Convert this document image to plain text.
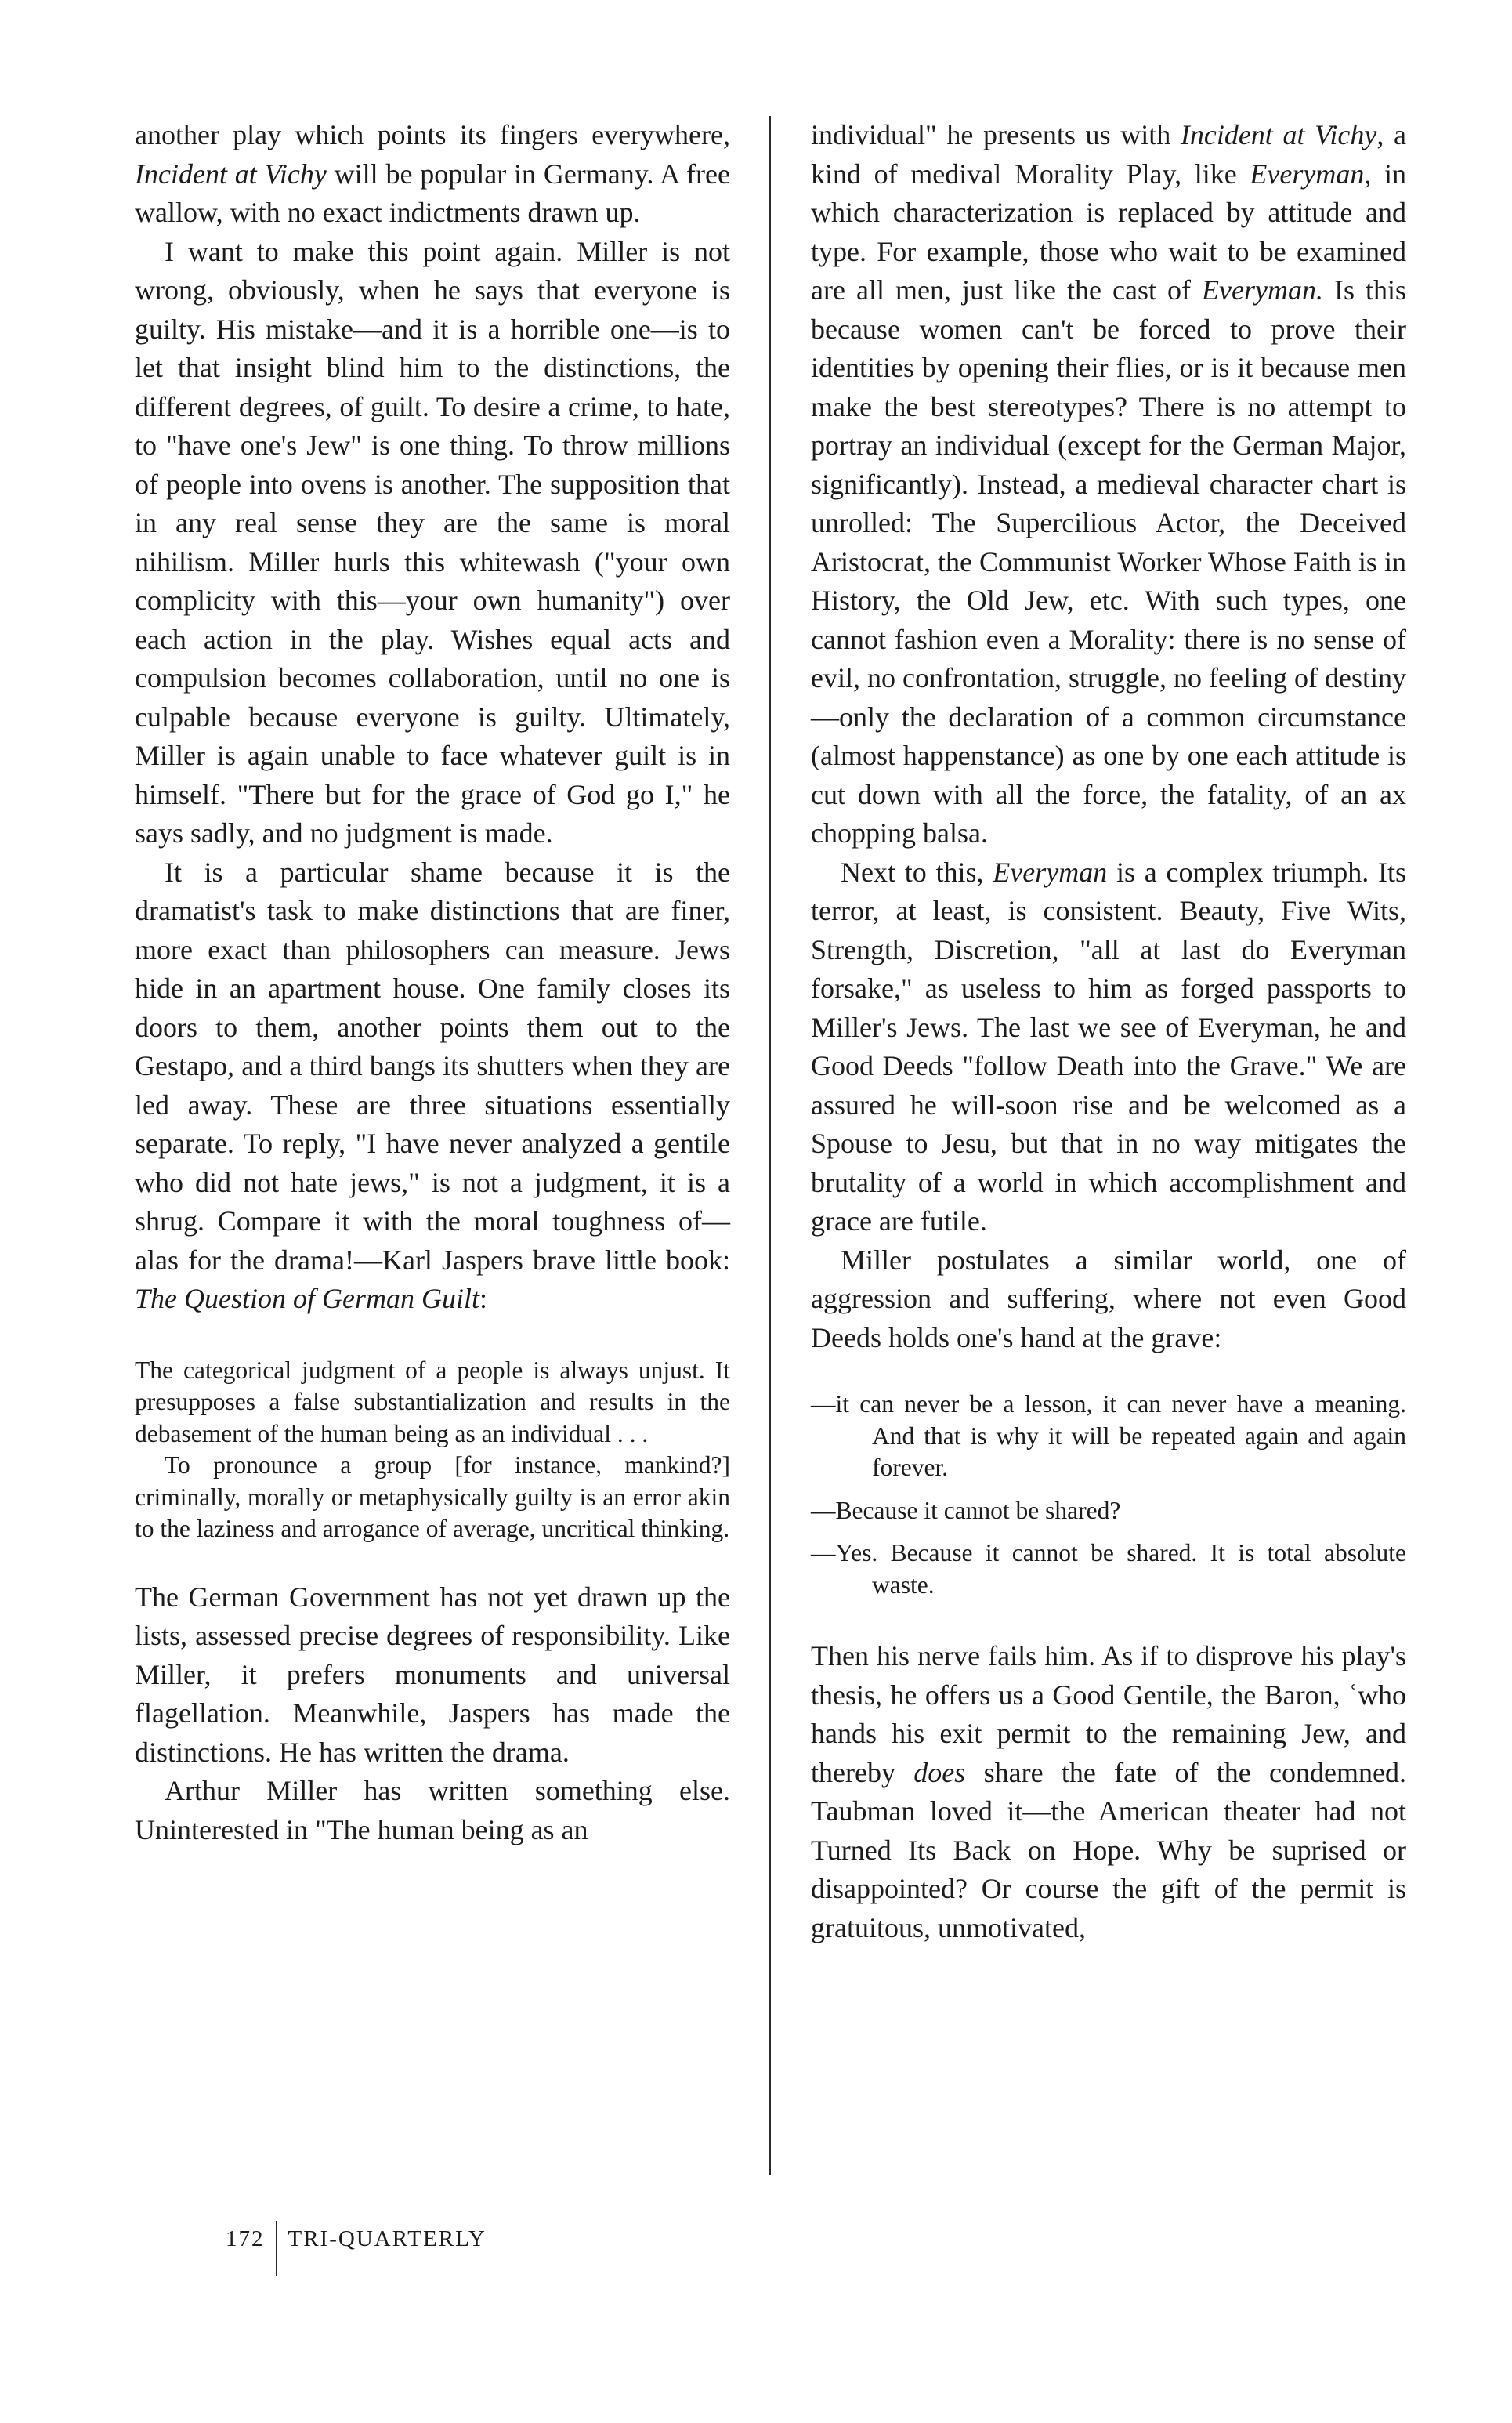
another play which points its fingers everywhere, Incident at Vichy will be popular in Germany. A free wallow, with no exact indictments drawn up.

I want to make this point again. Miller is not wrong, obviously, when he says that everyone is guilty. His mistake—and it is a horrible one—is to let that insight blind him to the distinctions, the different degrees, of guilt. To desire a crime, to hate, to "have one's Jew" is one thing. To throw millions of people into ovens is another. The supposition that in any real sense they are the same is moral nihilism. Miller hurls this whitewash ("your own complicity with this—your own humanity") over each action in the play. Wishes equal acts and compulsion becomes collaboration, until no one is culpable because everyone is guilty. Ultimately, Miller is again unable to face whatever guilt is in himself. "There but for the grace of God go I," he says sadly, and no judgment is made.

It is a particular shame because it is the dramatist's task to make distinctions that are finer, more exact than philosophers can measure. Jews hide in an apartment house. One family closes its doors to them, another points them out to the Gestapo, and a third bangs its shutters when they are led away. These are three situations essentially separate. To reply, "I have never analyzed a gentile who did not hate jews," is not a judgment, it is a shrug. Compare it with the moral toughness of—alas for the drama!—Karl Jaspers brave little book: The Question of German Guilt:

The categorical judgment of a people is always unjust. It presupposes a false substantialization and results in the debasement of the human being as an individual . . .

To pronounce a group [for instance, mankind?] criminally, morally or metaphysically guilty is an error akin to the laziness and arrogance of average, uncritical thinking.

The German Government has not yet drawn up the lists, assessed precise degrees of responsibility. Like Miller, it prefers monuments and universal flagellation. Meanwhile, Jaspers has made the distinctions. He has written the drama.

Arthur Miller has written something else. Uninterested in "The human being as an

individual" he presents us with Incident at Vichy, a kind of medival Morality Play, like Everyman, in which characterization is replaced by attitude and type. For example, those who wait to be examined are all men, just like the cast of Everyman. Is this because women can't be forced to prove their identities by opening their flies, or is it because men make the best stereotypes? There is no attempt to portray an individual (except for the German Major, significantly). Instead, a medieval character chart is unrolled: The Supercilious Actor, the Deceived Aristocrat, the Communist Worker Whose Faith is in History, the Old Jew, etc. With such types, one cannot fashion even a Morality: there is no sense of evil, no confrontation, struggle, no feeling of destiny—only the declaration of a common circumstance (almost happenstance) as one by one each attitude is cut down with all the force, the fatality, of an ax chopping balsa.

Next to this, Everyman is a complex triumph. Its terror, at least, is consistent. Beauty, Five Wits, Strength, Discretion, "all at last do Everyman forsake," as useless to him as forged passports to Miller's Jews. The last we see of Everyman, he and Good Deeds "follow Death into the Grave." We are assured he will-soon rise and be welcomed as a Spouse to Jesu, but that in no way mitigates the brutality of a world in which accomplishment and grace are futile.

Miller postulates a similar world, one of aggression and suffering, where not even Good Deeds holds one's hand at the grave:

—it can never be a lesson, it can never have a meaning. And that is why it will be repeated again and again forever.

—Because it cannot be shared?

—Yes. Because it cannot be shared. It is total absolute waste.

Then his nerve fails him. As if to disprove his play's thesis, he offers us a Good Gentile, the Baron, ʿwho hands his exit permit to the remaining Jew, and thereby does share the fate of the condemned. Taubman loved it—the American theater had not Turned Its Back on Hope. Why be suprised or disappointed? Or course the gift of the permit is gratuitous, unmotivated,

172 TRI-QUARTERLY
